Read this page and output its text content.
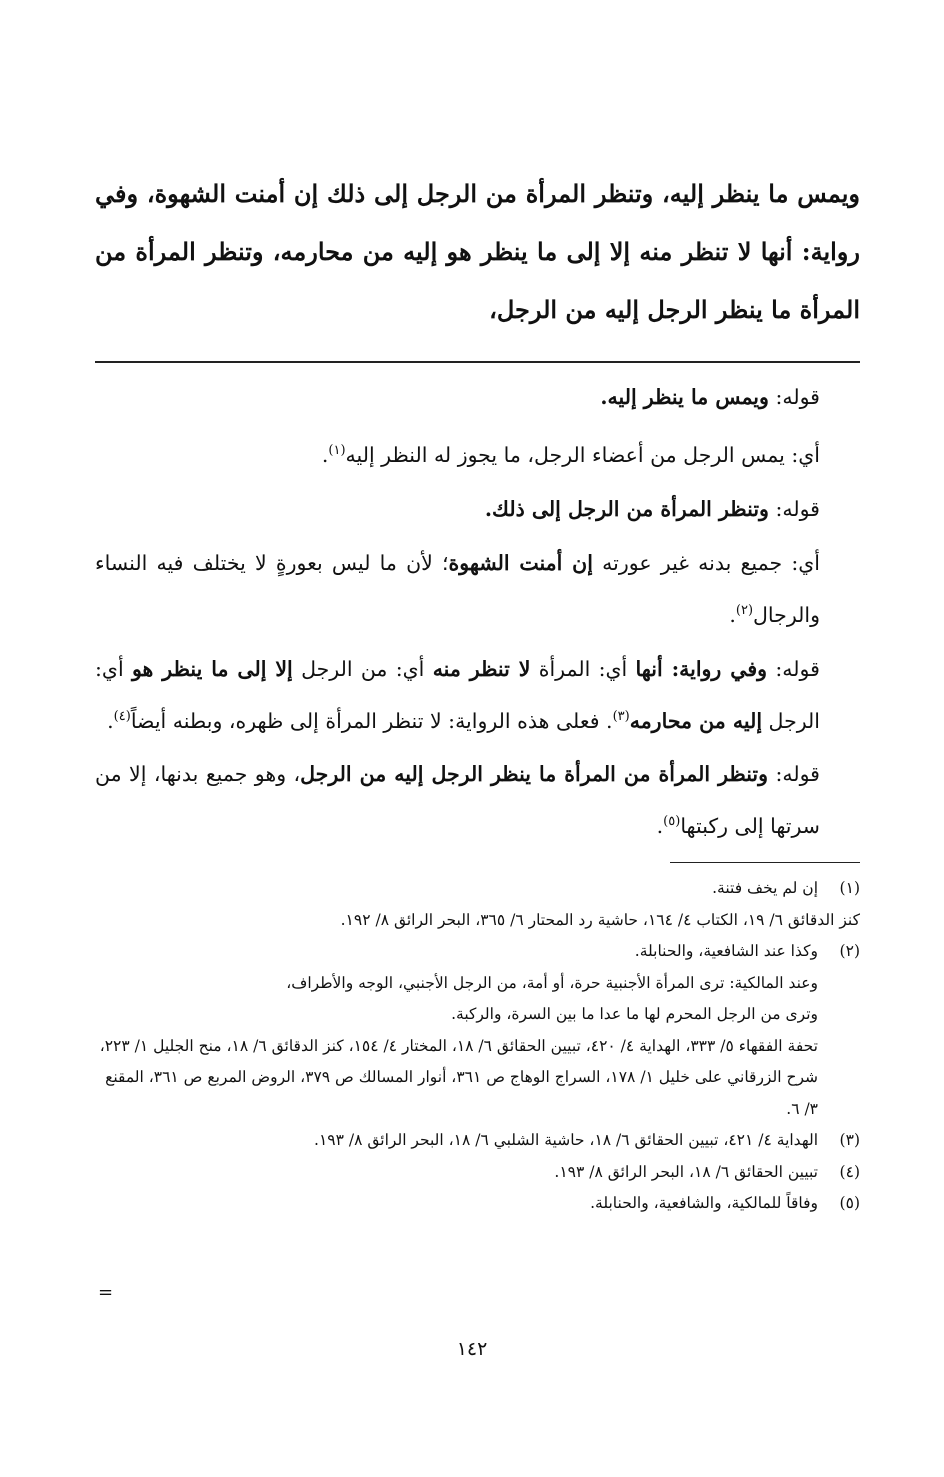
ويمس ما ينظر إليه، وتنظر المرأة من الرجل إلى ذلك إن أمنت الشهوة، وفي رواية: أنها لا تنظر منه إلا إلى ما ينظر هو إليه من محارمه، وتنظر المرأة من المرأة ما ينظر الرجل إليه من الرجل،

قوله: ويمس ما ينظر إليه.

أي: يمس الرجل من أعضاء الرجل، ما يجوز له النظر إليه$^{(١)}$.

قوله: وتنظر المرأة من الرجل إلى ذلك.

أي: جميع بدنه غير عورته إن أمنت الشهوة؛ لأن ما ليس بعورةٍ لا يختلف فيه النساء والرجال$^{(٢)}$.

قوله: وفي رواية: أنها أي: المرأة لا تنظر منه أي: من الرجل إلا إلى ما ينظر هو أي: الرجل إليه من محارمه$^{(٣)}$. فعلى هذه الرواية: لا تنظر المرأة إلى ظهره، وبطنه أيضاً$^{(٤)}$.

قوله: وتنظر المرأة من المرأة ما ينظر الرجل إليه من الرجل، وهو جميع بدنها، إلا من سرتها إلى ركبتها$^{(٥)}$.

(١)
إن لم يخف فتنة.
كنز الدقائق ٦/ ١٩، الكتاب ٤/ ١٦٤، حاشية رد المحتار ٦/ ٣٦٥، البحر الرائق ٨/ ١٩٢.
(٢)
وكذا عند الشافعية، والحنابلة.
وعند المالكية: ترى المرأة الأجنبية حرة، أو أمة، من الرجل الأجنبي، الوجه والأطراف،
وترى من الرجل المحرم لها ما عدا ما بين السرة، والركبة.
تحفة الفقهاء ٥/ ٣٣٣، الهداية ٤/ ٤٢٠، تبيين الحقائق ٦/ ١٨، المختار ٤/ ١٥٤، كنز الدقائق ٦/ ١٨، منح الجليل ١/ ٢٢٣، شرح الزرقاني على خليل ١/ ١٧٨، السراج الوهاج ص ٣٦١، أنوار المسالك ص ٣٧٩، الروض المربع ص ٣٦١، المقنع ٣/ ٦.
(٣)
الهداية ٤/ ٤٢١، تبيين الحقائق ٦/ ١٨، حاشية الشلبي ٦/ ١٨، البحر الرائق ٨/ ١٩٣.
(٤)
تبيين الحقائق ٦/ ١٨، البحر الرائق ٨/ ١٩٣.
(٥)
وفاقاً للمالكية، والشافعية، والحنابلة.
=
١٤٢
